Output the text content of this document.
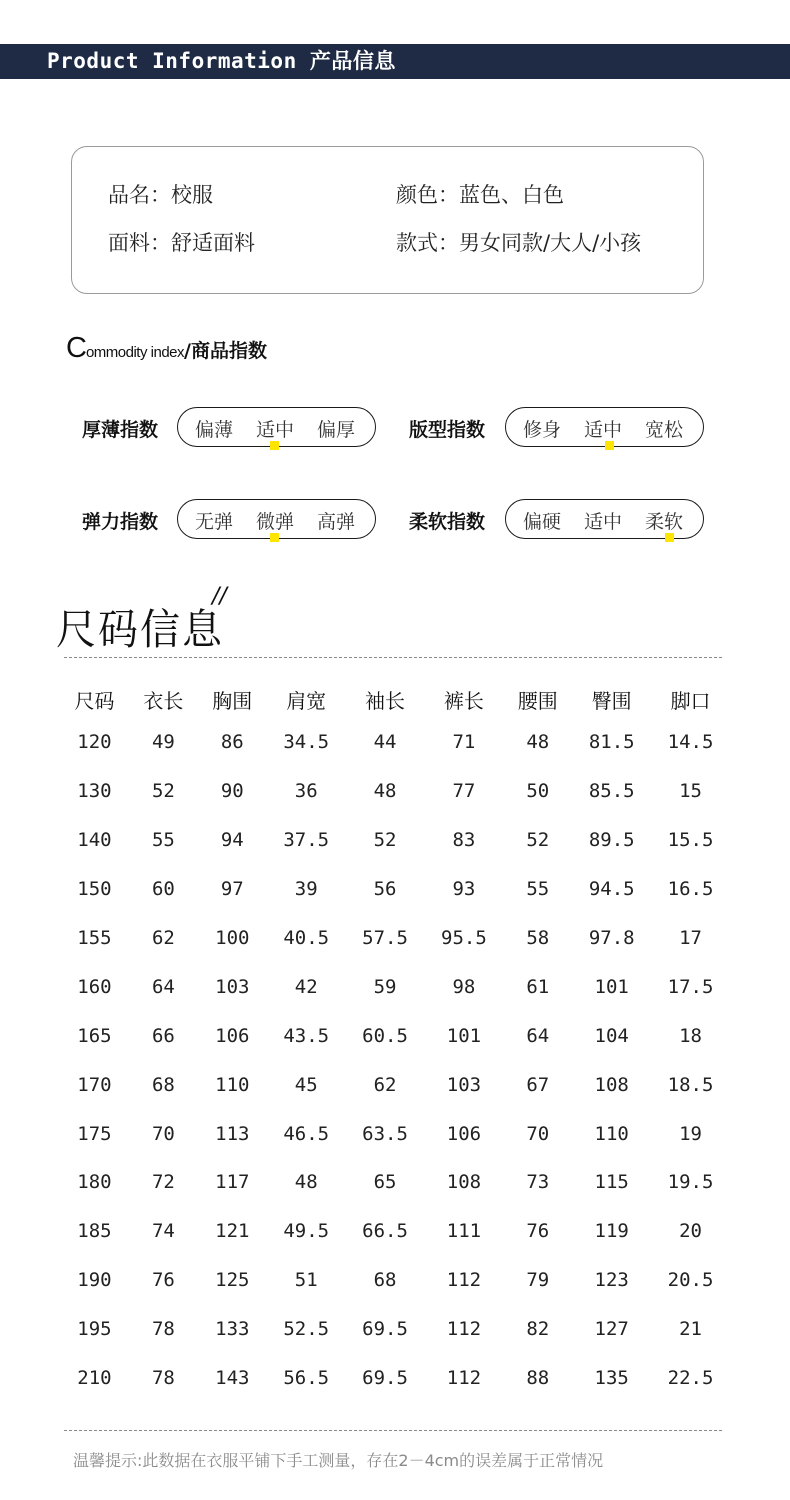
Product Information 产品信息
品名：校服	颜色：蓝色、白色
面料：舒适面料	款式：男女同款/大人/小孩
Commodity index/商品指数
厚薄指数 偏薄 适中 偏厚	版型指数 修身 适中 宽松
弹力指数 无弹 微弹 高弹	柔软指数 偏硬 适中 柔软
尺码信息
//
尺码	衣长	胸围	肩宽	袖长	裤长	腰围	臀围	脚口
120	49	86	34.5	44	71	48	81.5	14.5
130	52	90	36	48	77	50	85.5	15
140	55	94	37.5	52	83	52	89.5	15.5
150	60	97	39	56	93	55	94.5	16.5
155	62	100	40.5	57.5	95.5	58	97.8	17
160	64	103	42	59	98	61	101	17.5
165	66	106	43.5	60.5	101	64	104	18
170	68	110	45	62	103	67	108	18.5
175	70	113	46.5	63.5	106	70	110	19
180	72	117	48	65	108	73	115	19.5
185	74	121	49.5	66.5	111	76	119	20
190	76	125	51	68	112	79	123	20.5
195	78	133	52.5	69.5	112	82	127	21
210	78	143	56.5	69.5	112	88	135	22.5
温馨提示:此数据在衣服平铺下手工测量，存在2－4cm的误差属于正常情况
